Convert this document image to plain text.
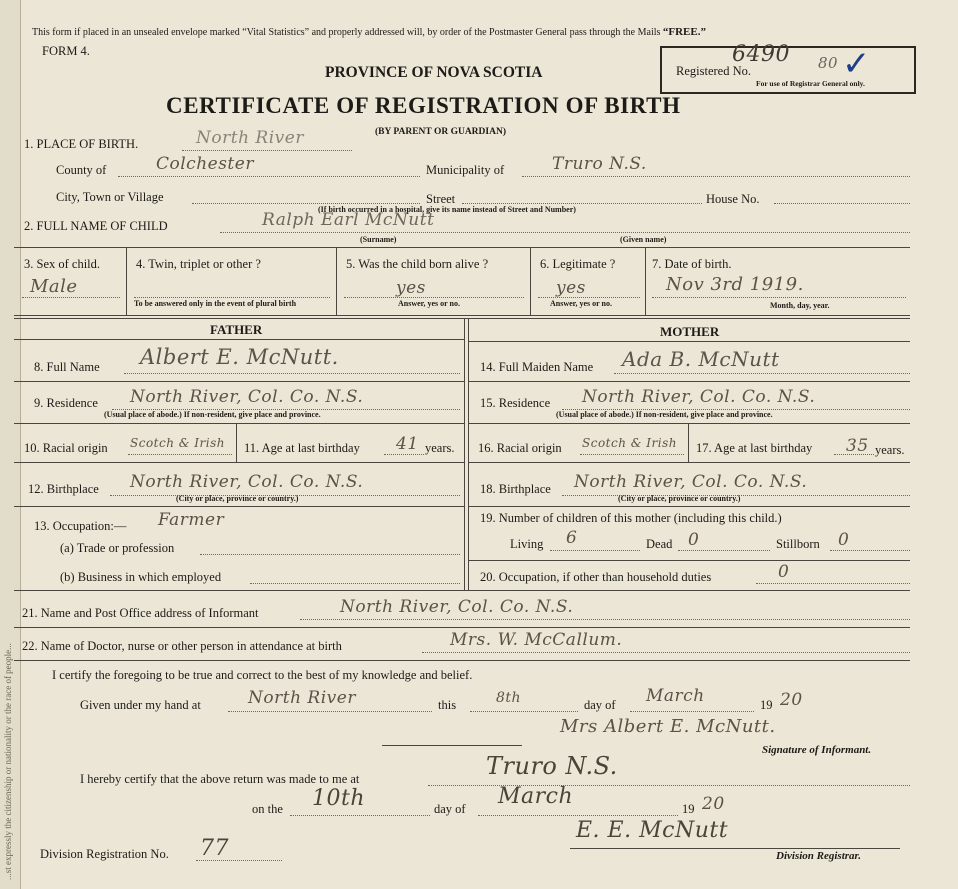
...st expressly the citizenship or nationality or the race of people...
This form if placed in an unsealed envelope marked “Vital Statistics” and properly addressed will, by order of the Postmaster General pass through the Mails “FREE.”
FORM 4.
PROVINCE OF NOVA SCOTIA
CERTIFICATE OF REGISTRATION OF BIRTH
(BY PARENT OR GUARDIAN)
Registered No.
6490 80 ✓
For use of Registrar General only.
1. PLACE OF BIRTH.	North River
County of	Colchester	Municipality of	Truro N.S.
City, Town or Village	Street	House No.
(If birth occurred in a hospital, give its name instead of Street and Number)
2. FULL NAME OF CHILD	Ralph Earl McNutt
(Surname)	(Given name)
3. Sex of child.
Male
4. Twin, triplet or other ?
To be answered only in the event of plural birth
5. Was the child born alive ?
yes
Answer, yes or no.
6. Legitimate ?
yes
Answer, yes or no.
7. Date of birth.
Nov 3rd 1919.
Month, day, year.
FATHER	MOTHER
8. Full Name Albert E. McNutt.
9. Residence North River, Col. Co. N.S.
(Usual place of abode.) If non-resident, give place and province.
10. Racial origin Scotch & Irish 11. Age at last birthday 41 years.
12. Birthplace North River, Col. Co. N.S.
(City or place, province or country.)
13. Occupation:— Farmer
(a) Trade or profession
(b) Business in which employed
14. Full Maiden Name Ada B. McNutt
15. Residence North River, Col. Co. N.S.
(Usual place of abode.) If non-resident, give place and province.
16. Racial origin Scotch & Irish 17. Age at last birthday 35 years.
18. Birthplace North River, Col. Co. N.S.
(City or place, province or country.)
19. Number of children of this mother (including this child.)
Living 6	Dead 0	Stillborn 0
20. Occupation, if other than household duties	0
21. Name and Post Office address of Informant	North River, Col. Co. N.S.
22. Name of Doctor, nurse or other person in attendance at birth	Mrs. W. McCallum.
I certify the foregoing to be true and correct to the best of my knowledge and belief.
Given under my hand at	North River	this	8th	day of March	19 20
Mrs Albert E. McNutt.
Signature of Informant.
I hereby certify that the above return was made to me at	Truro N.S.
on the 10th	day of March	19 20
Division Registration No. 77
E. E. McNutt
Division Registrar.
